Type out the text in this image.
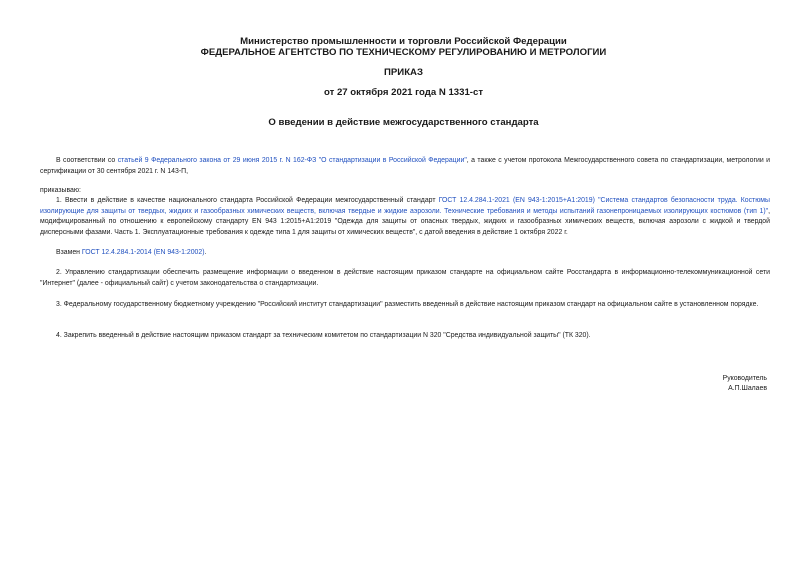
Министерство промышленности и торговли Российской Федерации
ФЕДЕРАЛЬНОЕ АГЕНТСТВО ПО ТЕХНИЧЕСКОМУ РЕГУЛИРОВАНИЮ И МЕТРОЛОГИИ
ПРИКАЗ
от 27 октября 2021 года N 1331-ст
О введении в действие межгосударственного стандарта
В соответствии со статьей 9 Федерального закона от 29 июня 2015 г. N 162-ФЗ "О стандартизации в Российской Федерации", а также с учетом протокола Межгосударственного совета по стандартизации, метрологии и сертификации от 30 сентября 2021 г. N 143-П,
приказываю:
1. Ввести в действие в качестве национального стандарта Российской Федерации межгосударственный стандарт ГОСТ 12.4.284.1-2021 (EN 943-1:2015+A1:2019) "Система стандартов безопасности труда. Костюмы изолирующие для защиты от твердых, жидких и газообразных химических веществ, включая твердые и жидкие аэрозоли. Технические требования и методы испытаний газонепроницаемых изолирующих костюмов (тип 1)", модифицированный по отношению к европейскому стандарту EN 943 1:2015+A1:2019 "Одежда для защиты от опасных твердых, жидких и газообразных химических веществ, включая аэрозоли с жидкой и твердой дисперсными фазами. Часть 1. Эксплуатационные требования к одежде типа 1 для защиты от химических веществ", с датой введения в действие 1 октября 2022 г.
Взамен ГОСТ 12.4.284.1-2014 (EN 943-1:2002).
2. Управлению стандартизации обеспечить размещение информации о введенном в действие настоящим приказом стандарте на официальном сайте Росстандарта в информационно-телекоммуникационной сети "Интернет" (далее - официальный сайт) с учетом законодательства о стандартизации.
3. Федеральному государственному бюджетному учреждению "Российский институт стандартизации" разместить введенный в действие настоящим приказом стандарт на официальном сайте в установленном порядке.
4. Закрепить введенный в действие настоящим приказом стандарт за техническим комитетом по стандартизации N 320 "Средства индивидуальной защиты" (ТК 320).
Руководитель
А.П.Шалаев
